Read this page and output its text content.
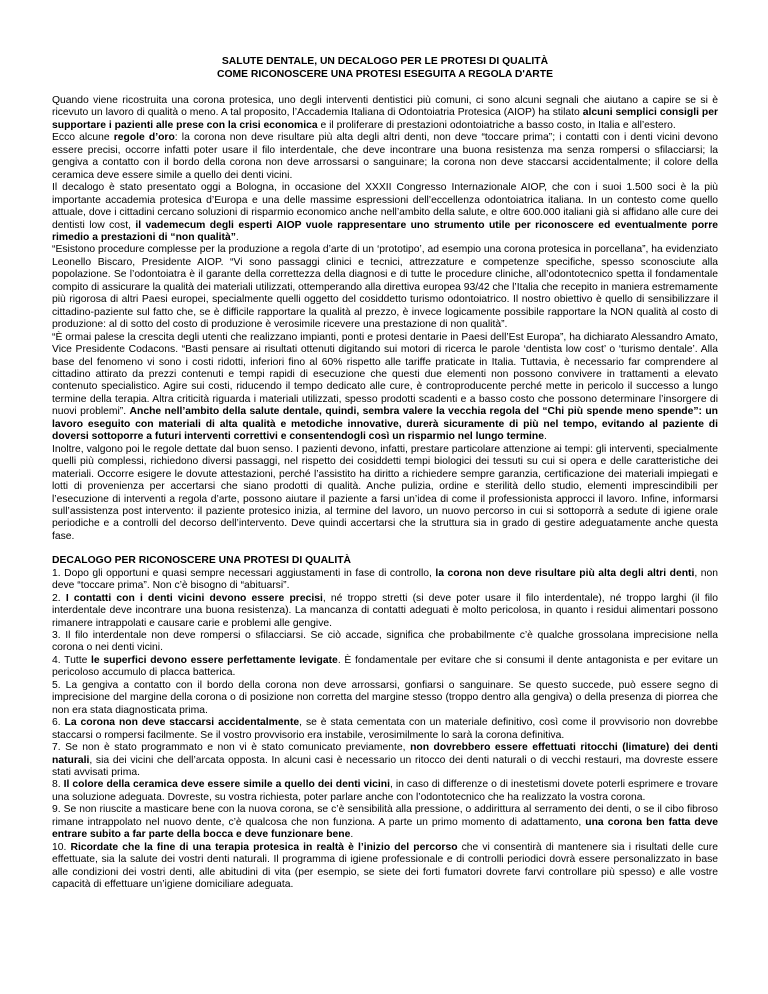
SALUTE DENTALE, UN DECALOGO PER LE PROTESI DI QUALITÀ

COME RICONOSCERE UNA PROTESI ESEGUITA A REGOLA D'ARTE

Quando viene ricostruita una corona protesica, uno degli interventi dentistici più comuni, ci sono alcuni segnali che aiutano a capire se si è ricevuto un lavoro di qualità o meno. A tal proposito, l’Accademia Italiana di Odontoiatria Protesica (AIOP) ha stilato alcuni semplici consigli per supportare i pazienti alle prese con la crisi economica e il proliferare di prestazioni odontoiatriche a basso costo, in Italia e all’estero.

Ecco alcune regole d’oro: la corona non deve risultare più alta degli altri denti, non deve “toccare prima”; i contatti con i denti vicini devono essere precisi, occorre infatti poter usare il filo interdentale, che deve incontrare una buona resistenza ma senza rompersi o sfilacciarsi; la gengiva a contatto con il bordo della corona non deve arrossarsi o sanguinare; la corona non deve staccarsi accidentalmente; il colore della ceramica deve essere simile a quello dei denti vicini.

Il decalogo è stato presentato oggi a Bologna, in occasione del XXXII Congresso Internazionale AIOP, che con i suoi 1.500 soci è la più importante accademia protesica d’Europa e una delle massime espressioni dell’eccellenza odontoiatrica italiana. In un contesto come quello attuale, dove i cittadini cercano soluzioni di risparmio economico anche nell’ambito della salute, e oltre 600.000 italiani già si affidano alle cure dei dentisti low cost, il vademecum degli esperti AIOP vuole rappresentare uno strumento utile per riconoscere ed eventualmente porre rimedio a prestazioni di “non qualità”.

“Esistono procedure complesse per la produzione a regola d’arte di un ‘prototipo’, ad esempio una corona protesica in porcellana”, ha evidenziato Leonello Biscaro, Presidente AIOP. “Vi sono passaggi clinici e tecnici, attrezzature e competenze specifiche, spesso sconosciute alla popolazione. Se l’odontoiatra è il garante della correttezza della diagnosi e di tutte le procedure cliniche, all’odontotecnico spetta il fondamentale compito di assicurare la qualità dei materiali utilizzati, ottemperando alla direttiva europea 93/42 che l’Italia che recepito in maniera estremamente più rigorosa di altri Paesi europei, specialmente quelli oggetto del cosiddetto turismo odontoiatrico. Il nostro obiettivo è quello di sensibilizzare il cittadino-paziente sul fatto che, se è difficile rapportare la qualità al prezzo, è invece logicamente possibile rapportare la NON qualità al costo di produzione: al di sotto del costo di produzione è verosimile ricevere una prestazione di non qualità”.

“È ormai palese la crescita degli utenti che realizzano impianti, ponti e protesi dentarie in Paesi dell’Est Europa”, ha dichiarato Alessandro Amato, Vice Presidente Codacons. “Basti pensare ai risultati ottenuti digitando sui motori di ricerca le parole ‘dentista low cost’ o ‘turismo dentale’. Alla base del fenomeno vi sono i costi ridotti, inferiori fino al 60% rispetto alle tariffe praticate in Italia. Tuttavia, è necessario far comprendere al cittadino attirato da prezzi contenuti e tempi rapidi di esecuzione che questi due elementi non possono convivere in trattamenti a elevato contenuto specialistico. Agire sui costi, riducendo il tempo dedicato alle cure, è controproducente perché mette in pericolo il successo a lungo termine della terapia. Altra criticità riguarda i materiali utilizzati, spesso prodotti scadenti e a basso costo che possono determinare l’insorgere di nuovi problemi”. Anche nell’ambito della salute dentale, quindi, sembra valere la vecchia regola del “Chi più spende meno spende”: un lavoro eseguito con materiali di alta qualità e metodiche innovative, durerà sicuramente di più nel tempo, evitando al paziente di doversi sottoporre a futuri interventi correttivi e consentendogli così un risparmio nel lungo termine.

Inoltre, valgono poi le regole dettate dal buon senso. I pazienti devono, infatti, prestare particolare attenzione ai tempi: gli interventi, specialmente quelli più complessi, richiedono diversi passaggi, nel rispetto dei cosiddetti tempi biologici dei tessuti su cui si opera e delle caratteristiche dei materiali. Occorre esigere le dovute attestazioni, perché l’assistito ha diritto a richiedere sempre garanzia, certificazione dei materiali impiegati e lotti di provenienza per accertarsi che siano prodotti di qualità. Anche pulizia, ordine e sterilità dello studio, elementi imprescindibili per l’esecuzione di interventi a regola d’arte, possono aiutare il paziente a farsi un’idea di come il professionista approcci il lavoro. Infine, informarsi sull’assistenza post intervento: il paziente protesico inizia, al termine del lavoro, un nuovo percorso in cui si sottoporrà a sedute di igiene orale periodiche e a controlli del decorso dell’intervento. Deve quindi accertarsi che la struttura sia in grado di gestire adeguatamente anche questa fase.

DECALOGO PER RICONOSCERE UNA PROTESI DI QUALITÀ

1. Dopo gli opportuni e quasi sempre necessari aggiustamenti in fase di controllo, la corona non deve risultare più alta degli altri denti, non deve “toccare prima”. Non c’è bisogno di “abituarsi”.

2. I contatti con i denti vicini devono essere precisi, né troppo stretti (si deve poter usare il filo interdentale), né troppo larghi (il filo interdentale deve incontrare una buona resistenza). La mancanza di contatti adeguati è molto pericolosa, in quanto i residui alimentari possono rimanere intrappolati e causare carie e problemi alle gengive.

3. Il filo interdentale non deve rompersi o sfilacciarsi. Se ciò accade, significa che probabilmente c’è qualche grossolana imprecisione nella corona o nei denti vicini.

4. Tutte le superfici devono essere perfettamente levigate. È fondamentale per evitare che si consumi il dente antagonista e per evitare un pericoloso accumulo di placca batterica.

5. La gengiva a contatto con il bordo della corona non deve arrossarsi, gonfiarsi o sanguinare. Se questo succede, può essere segno di imprecisione del margine della corona o di posizione non corretta del margine stesso (troppo dentro alla gengiva) o della presenza di piorrea che non era stata diagnosticata prima.

6. La corona non deve staccarsi accidentalmente, se è stata cementata con un materiale definitivo, così come il provvisorio non dovrebbe staccarsi o rompersi facilmente. Se il vostro provvisorio era instabile, verosimilmente lo sarà la corona definitiva.

7. Se non è stato programmato e non vi è stato comunicato previamente, non dovrebbero essere effettuati ritocchi (limature) dei denti naturali, sia dei vicini che dell’arcata opposta. In alcuni casi è necessario un ritocco dei denti naturali o di vecchi restauri, ma dovreste essere stati avvisati prima.

8. Il colore della ceramica deve essere simile a quello dei denti vicini, in caso di differenze o di inestetismi dovete poterli esprimere e trovare una soluzione adeguata. Dovreste, su vostra richiesta, poter parlare anche con l’odontotecnico che ha realizzato la vostra corona.

9. Se non riuscite a masticare bene con la nuova corona, se c’è sensibilità alla pressione, o addirittura al serramento dei denti, o se il cibo fibroso rimane intrappolato nel nuovo dente, c’è qualcosa che non funziona. A parte un primo momento di adattamento, una corona ben fatta deve entrare subito a far parte della bocca e deve funzionare bene.

10. Ricordate che la fine di una terapia protesica in realtà è l’inizio del percorso che vi consentirà di mantenere sia i risultati delle cure effettuate, sia la salute dei vostri denti naturali. Il programma di igiene professionale e di controlli periodici dovrà essere personalizzato in base alle condizioni dei vostri denti, alle abitudini di vita (per esempio, se siete dei forti fumatori dovrete farvi controllare più spesso) e alle vostre capacità di effettuare un’igiene domiciliare adeguata.
